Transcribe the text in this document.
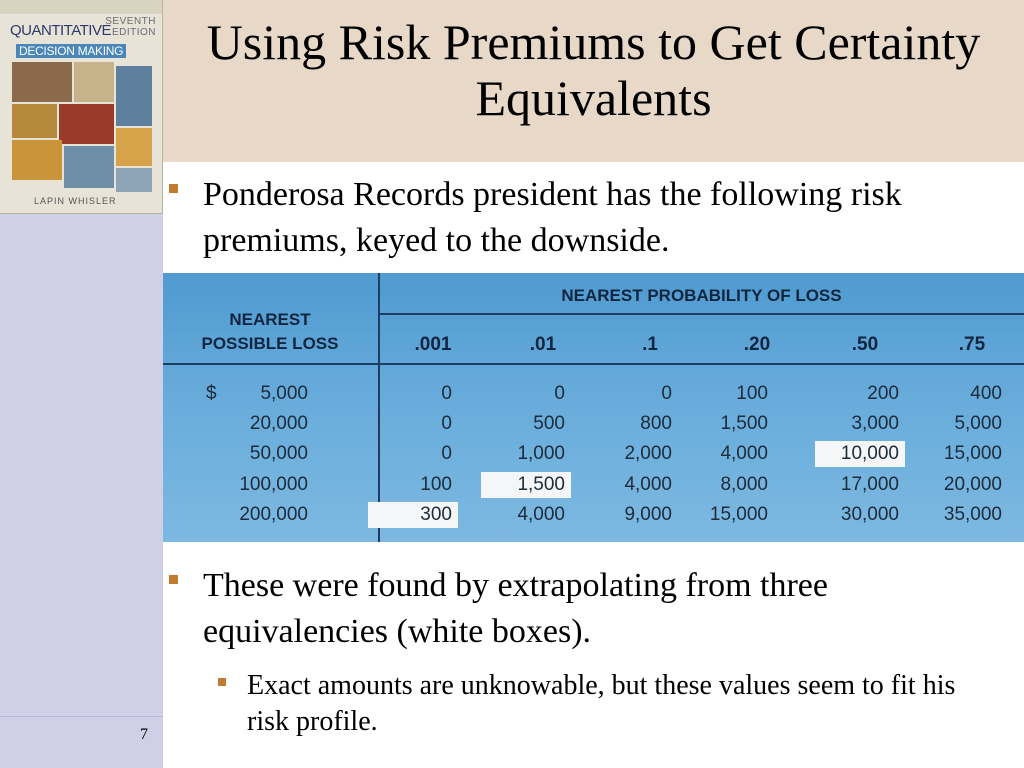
7
SEVENTH
EDITION
QUANTITATIVE
DECISION MAKING
LAPIN WHISLER
Using Risk Premiums to Get Certainty Equivalents
Ponderosa Records president has the following risk premiums, keyed to the downside.
NEAREST
POSSIBLE LOSS
NEAREST PROBABILITY OF LOSS
.001	.01	.1	.20	.50	.75
$ 5,000	0	0	0	100	200	400
20,000	0	500	800	1,500	3,000	5,000
50,000	0	1,000	2,000	4,000	10,000	15,000
100,000	100	1,500	4,000	8,000	17,000	20,000
200,000	300	4,000	9,000	15,000	30,000	35,000
These were found by extrapolating from three equivalencies (white boxes).
Exact amounts are unknowable, but these values seem to fit his risk profile.
